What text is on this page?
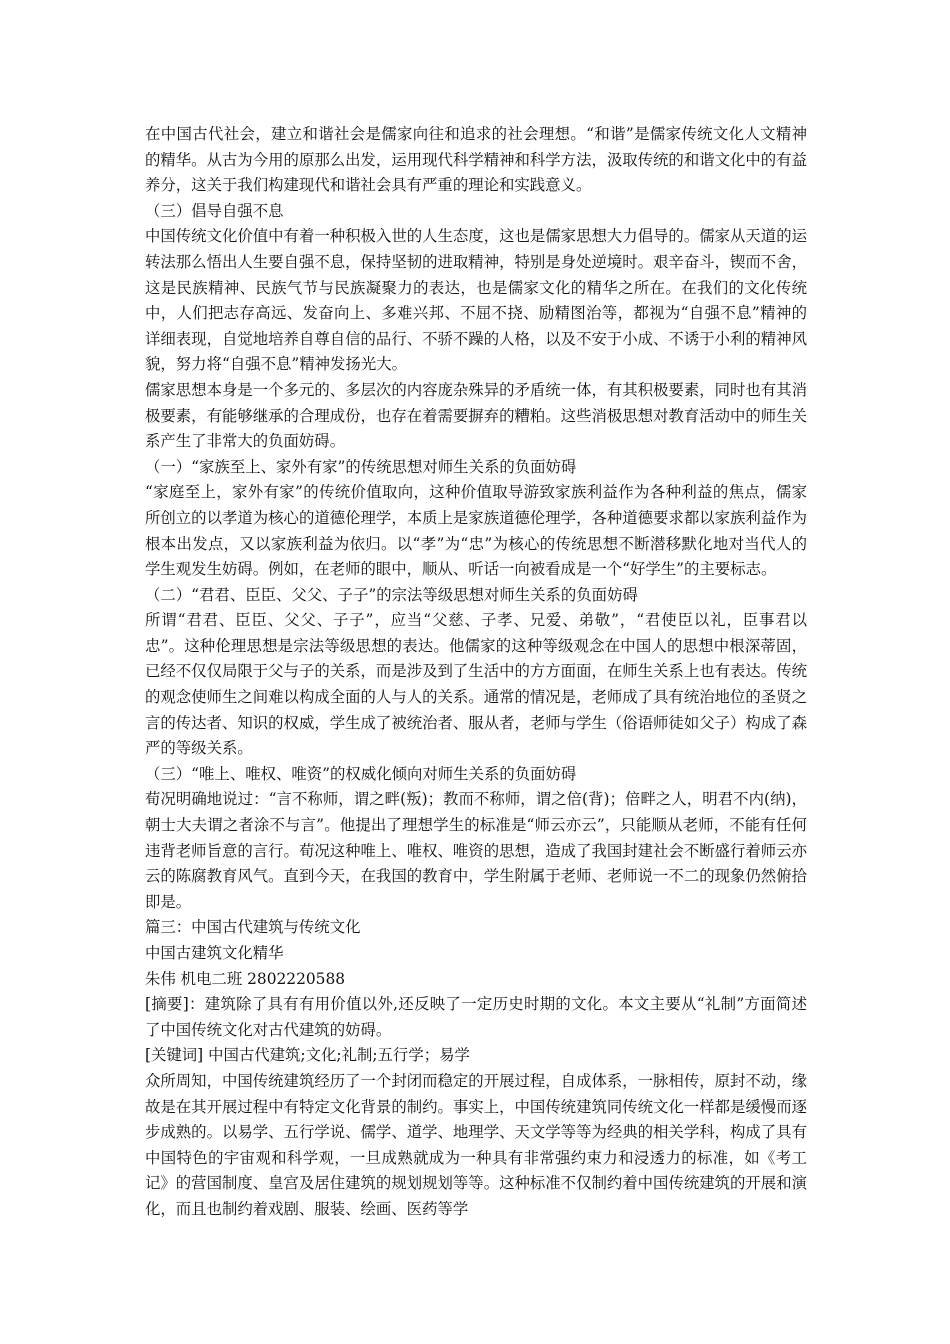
在中国古代社会，建立和谐社会是儒家向往和追求的社会理想。“和谐”是儒家传统文化人文精神的精华。从古为今用的原那么出发，运用现代科学精神和科学方法，汲取传统的和谐文化中的有益养分，这关于我们构建现代和谐社会具有严重的理论和实践意义。

（三）倡导自强不息

中国传统文化价值中有着一种积极入世的人生态度，这也是儒家思想大力倡导的。儒家从天道的运转法那么悟出人生要自强不息，保持坚韧的进取精神，特别是身处逆境时。艰辛奋斗，锲而不舍，这是民族精神、民族气节与民族凝聚力的表达，也是儒家文化的精华之所在。在我们的文化传统中，人们把志存高远、发奋向上、多难兴邦、不屈不挠、励精图治等，都视为“自强不息”精神的详细表现，自觉地培养自尊自信的品行、不骄不躁的人格，以及不安于小成、不诱于小利的精神风貌，努力将“自强不息”精神发扬光大。

儒家思想本身是一个多元的、多层次的内容庞杂殊异的矛盾统一体，有其积极要素，同时也有其消极要素，有能够继承的合理成份，也存在着需要摒弃的糟粕。这些消极思想对教育活动中的师生关系产生了非常大的负面妨碍。

（一）“家族至上、家外有家”的传统思想对师生关系的负面妨碍

“家庭至上，家外有家”的传统价值取向，这种价值取导游致家族利益作为各种利益的焦点，儒家所创立的以孝道为核心的道德伦理学，本质上是家族道德伦理学，各种道德要求都以家族利益作为根本出发点，又以家族利益为依归。以“孝”为“忠”为核心的传统思想不断潜移默化地对当代人的学生观发生妨碍。例如，在老师的眼中，顺从、听话一向被看成是一个“好学生”的主要标志。

（二）“君君、臣臣、父父、子子”的宗法等级思想对师生关系的负面妨碍

所谓“君君、臣臣、父父、子子”，应当“父慈、子孝、兄爱、弟敬”，“君使臣以礼，臣事君以忠”。这种伦理思想是宗法等级思想的表达。他儒家的这种等级观念在中国人的思想中根深蒂固，已经不仅仅局限于父与子的关系，而是涉及到了生活中的方方面面，在师生关系上也有表达。传统的观念使师生之间难以构成全面的人与人的关系。通常的情况是，老师成了具有统治地位的圣贤之言的传达者、知识的权威，学生成了被统治者、服从者，老师与学生（俗语师徒如父子）构成了森严的等级关系。

（三）“唯上、唯权、唯资”的权威化倾向对师生关系的负面妨碍

荀况明确地说过：“言不称师，谓之畔(叛)；教而不称师，谓之倍(背)；倍畔之人，明君不内(纳)，朝士大夫谓之者涂不与言”。他提出了理想学生的标准是“师云亦云”，只能顺从老师，不能有任何违背老师旨意的言行。荀况这种唯上、唯权、唯资的思想，造成了我国封建社会不断盛行着师云亦云的陈腐教育风气。直到今天，在我国的教育中，学生附属于老师、老师说一不二的现象仍然俯拾即是。

篇三：中国古代建筑与传统文化

中国古建筑文化精华

朱伟 机电二班 2802220588

[摘要]：建筑除了具有有用价值以外,还反映了一定历史时期的文化。本文主要从“礼制”方面简述了中国传统文化对古代建筑的妨碍。

[关键词] 中国古代建筑;文化;礼制;五行学；易学

众所周知，中国传统建筑经历了一个封闭而稳定的开展过程，自成体系，一脉相传，原封不动，缘故是在其开展过程中有特定文化背景的制约。事实上，中国传统建筑同传统文化一样都是缓慢而逐步成熟的。以易学、五行学说、儒学、道学、地理学、天文学等等为经典的相关学科，构成了具有中国特色的宇宙观和科学观，一旦成熟就成为一种具有非常强约束力和浸透力的标准，如《考工记》的营国制度、皇宫及居住建筑的规划规划等等。这种标准不仅制约着中国传统建筑的开展和演化，而且也制约着戏剧、服装、绘画、医药等学
